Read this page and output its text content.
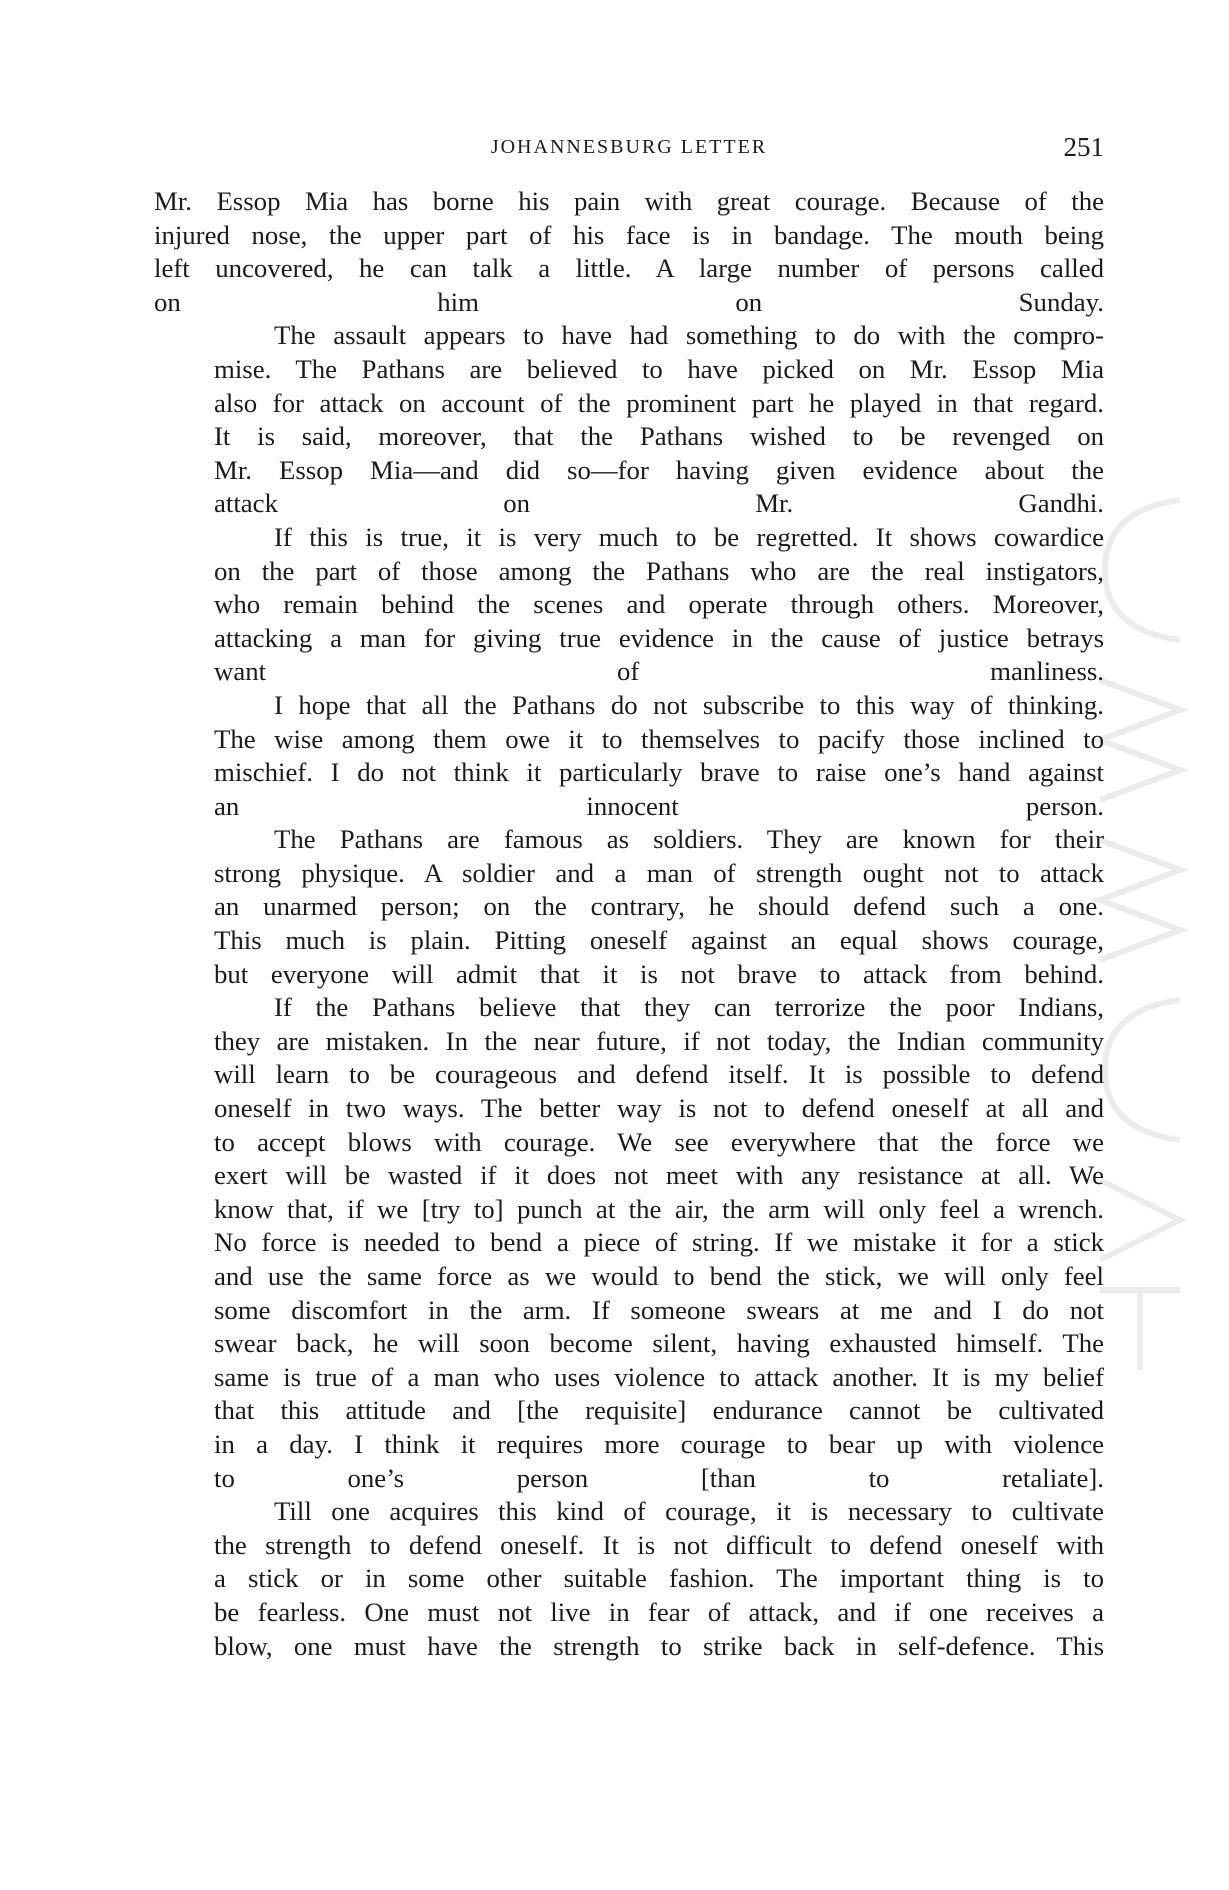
JOHANNESBURG LETTER	251

Mr. Essop Mia has borne his pain with great courage. Because of the
injured nose, the upper part of his face is in bandage. The mouth being
left uncovered, he can talk a little. A large number of persons called
on him on Sunday.

The assault appears to have had something to do with the compro-
mise. The Pathans are believed to have picked on Mr. Essop Mia
also for attack on account of the prominent part he played in that regard.
It is said, moreover, that the Pathans wished to be revenged on
Mr. Essop Mia—and did so—for having given evidence about the
attack on Mr. Gandhi.

If this is true, it is very much to be regretted. It shows cowardice
on the part of those among the Pathans who are the real instigators,
who remain behind the scenes and operate through others. Moreover,
attacking a man for giving true evidence in the cause of justice betrays
want of manliness.

I hope that all the Pathans do not subscribe to this way of thinking.
The wise among them owe it to themselves to pacify those inclined to
mischief. I do not think it particularly brave to raise one’s hand against
an innocent person.

The Pathans are famous as soldiers. They are known for their
strong physique. A soldier and a man of strength ought not to attack
an unarmed person; on the contrary, he should defend such a one.
This much is plain. Pitting oneself against an equal shows courage,
but everyone will admit that it is not brave to attack from behind.

If the Pathans believe that they can terrorize the poor Indians,
they are mistaken. In the near future, if not today, the Indian community
will learn to be courageous and defend itself. It is possible to defend
oneself in two ways. The better way is not to defend oneself at all and
to accept blows with courage. We see everywhere that the force we
exert will be wasted if it does not meet with any resistance at all. We
know that, if we [try to] punch at the air, the arm will only feel a wrench.
No force is needed to bend a piece of string. If we mistake it for a stick
and use the same force as we would to bend the stick, we will only feel
some discomfort in the arm. If someone swears at me and I do not
swear back, he will soon become silent, having exhausted himself. The
same is true of a man who uses violence to attack another. It is my belief
that this attitude and [the requisite] endurance cannot be cultivated
in a day. I think it requires more courage to bear up with violence
to one’s person [than to retaliate].

Till one acquires this kind of courage, it is necessary to cultivate
the strength to defend oneself. It is not difficult to defend oneself with
a stick or in some other suitable fashion. The important thing is to
be fearless. One must not live in fear of attack, and if one receives a
blow, one must have the strength to strike back in self-defence. This
